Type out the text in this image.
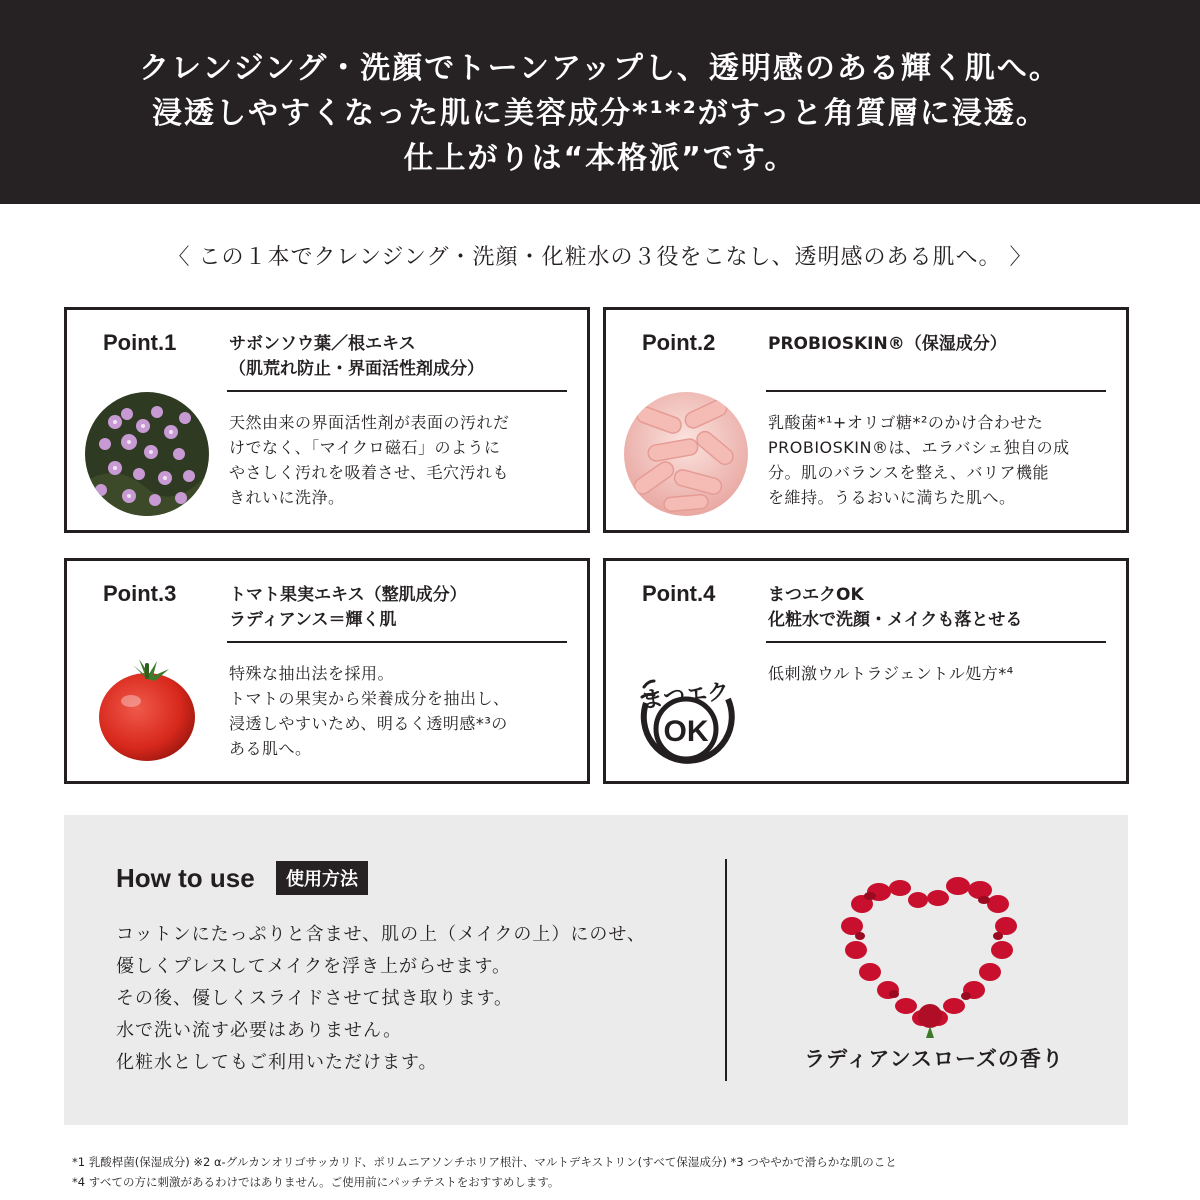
クレンジング・洗顔でトーンアップし、透明感のある輝く肌へ。

浸透しやすくなった肌に美容成分*¹*²がすっと角質層に浸透。

仕上がりは“本格派”です。

〈 この１本でクレンジング・洗顔・化粧水の３役をこなし、透明感のある肌へ。 〉
Point.1	サボンソウ葉／根エキス
（肌荒れ防止・界面活性剤成分）
天然由来の界面活性剤が表面の汚れだ
けでなく、「マイクロ磁石」のように
やさしく汚れを吸着させ、毛穴汚れも
きれいに洗浄。
Point.2	PROBIOSKIN®（保湿成分）
乳酸菌*¹+オリゴ糖*²のかけ合わせた
PROBIOSKIN®は、エラバシェ独自の成
分。肌のバランスを整え、バリア機能
を維持。うるおいに満ちた肌へ。
Point.3	トマト果実エキス（整肌成分）
ラディアンス＝輝く肌
特殊な抽出法を採用。
トマトの果実から栄養成分を抽出し、
浸透しやすいため、明るく透明感*³の
ある肌へ。
Point.4	まつエクOK
化粧水で洗顔・メイクも落とせる
低刺激ウルトラジェントル処方*⁴
まつエク
OK
How to use	使用方法
コットンにたっぷりと含ませ、肌の上（メイクの上）にのせ、
優しくプレスしてメイクを浮き上がらせます。
その後、優しくスライドさせて拭き取ります。
水で洗い流す必要はありません。
化粧水としてもご利用いただけます。	ラディアンスローズの香り
*1 乳酸桿菌(保湿成分) ※2 α-グルカンオリゴサッカリド、ポリムニアソンチホリア根汁、マルトデキストリン(すべて保湿成分) *3 つややかで滑らかな肌のこと
*4 すべての方に刺激があるわけではありません。ご使用前にパッチテストをおすすめします。
